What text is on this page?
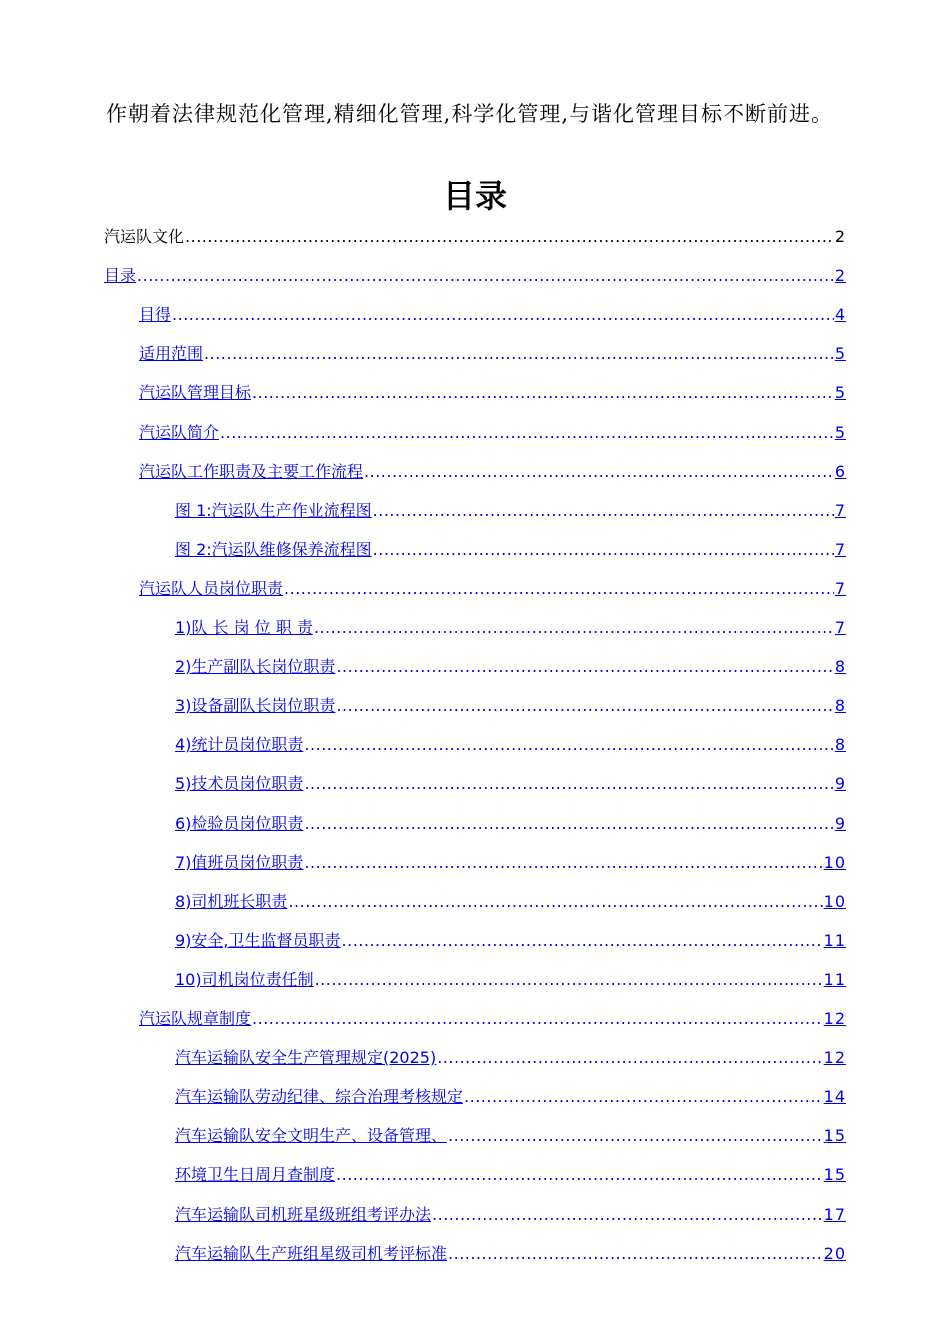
作朝着法律规范化管理,精细化管理,科学化管理,与谐化管理目标不断前进。
目录
汽运队文化 .....	2
目录 .....	2
目得 .....	4
适用范围 .....	5
汽运队管理目标 .....	5
汽运队简介 .....	5
汽运队工作职责及主要工作流程 .....	6
图 1:汽运队生产作业流程图 .....	7
图 2:汽运队维修保养流程图 .....	7
汽运队人员岗位职责 .....	7
1)队 长 岗 位 职 责 .....	7
2)生产副队长岗位职责 .....	8
3)设备副队长岗位职责 .....	8
4)统计员岗位职责 .....	8
5)技术员岗位职责 .....	9
6)检验员岗位职责 .....	9
7)值班员岗位职责 .....	10
8)司机班长职责 .....	10
9)安全,卫生监督员职责 .....	11
10)司机岗位责任制 .....	11
汽运队规章制度 .....	12
汽车运输队安全生产管理规定(2025) .....	12
汽车运输队劳动纪律、综合治理考核规定 .....	14
汽车运输队安全文明生产、设备管理、 .....	15
环境卫生日周月查制度 .....	15
汽车运输队司机班星级班组考评办法 .....	17
汽车运输队生产班组星级司机考评标准 .....	20
